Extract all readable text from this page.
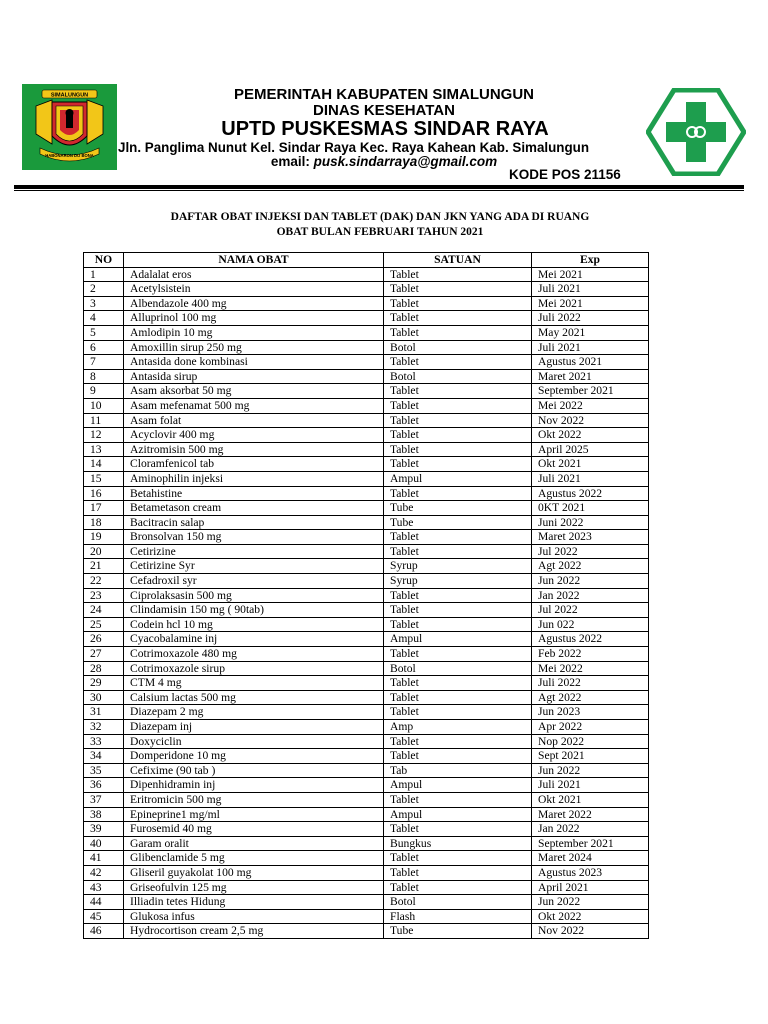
SIMALUNGUN
HABONARON DO BONA
PEMERINTAH KABUPATEN SIMALUNGUN
DINAS KESEHATAN
UPTD PUSKESMAS SINDAR RAYA
Jln. Panglima Nunut Kel. Sindar Raya Kec. Raya Kahean Kab. Simalungun
email: pusk.sindarraya@gmail.com
KODE POS 21156
DAFTAR OBAT INJEKSI DAN TABLET (DAK) DAN JKN YANG ADA DI RUANG
OBAT BULAN FEBRUARI TAHUN 2021
NO	NAMA OBAT	SATUAN	Exp
1	Adalalat eros	Tablet	Mei 2021
2	Acetylsistein	Tablet	Juli 2021
3	Albendazole 400 mg	Tablet	Mei 2021
4	Alluprinol 100 mg	Tablet	Juli 2022
5	Amlodipin 10 mg	Tablet	May 2021
6	Amoxillin sirup 250 mg	Botol	Juli 2021
7	Antasida done kombinasi	Tablet	Agustus 2021
8	Antasida sirup	Botol	Maret 2021
9	Asam aksorbat 50 mg	Tablet	September 2021
10	Asam mefenamat 500 mg	Tablet	Mei 2022
11	Asam folat	Tablet	Nov 2022
12	Acyclovir 400 mg	Tablet	Okt 2022
13	Azitromisin 500 mg	Tablet	April 2025
14	Cloramfenicol tab	Tablet	Okt 2021
15	Aminophilin injeksi	Ampul	Juli 2021
16	Betahistine	Tablet	Agustus 2022
17	Betametason cream	Tube	0KT 2021
18	Bacitracin salap	Tube	Juni 2022
19	Bronsolvan 150 mg	Tablet	Maret 2023
20	Cetirizine	Tablet	Jul 2022
21	Cetirizine Syr	Syrup	Agt 2022
22	Cefadroxil syr	Syrup	Jun 2022
23	Ciprolaksasin 500 mg	Tablet	Jan 2022
24	Clindamisin 150 mg ( 90tab)	Tablet	Jul 2022
25	Codein hcl 10 mg	Tablet	Jun 022
26	Cyacobalamine inj	Ampul	Agustus 2022
27	Cotrimoxazole 480 mg	Tablet	Feb 2022
28	Cotrimoxazole sirup	Botol	Mei 2022
29	CTM 4 mg	Tablet	Juli 2022
30	Calsium lactas 500 mg	Tablet	Agt 2022
31	Diazepam 2 mg	Tablet	Jun 2023
32	Diazepam inj	Amp	Apr 2022
33	Doxyciclin	Tablet	Nop 2022
34	Domperidone 10 mg	Tablet	Sept 2021
35	Cefixime (90 tab )	Tab	Jun 2022
36	Dipenhidramin inj	Ampul	Juli 2021
37	Eritromicin 500 mg	Tablet	Okt 2021
38	Epineprine1 mg/ml	Ampul	Maret 2022
39	Furosemid 40 mg	Tablet	Jan 2022
40	Garam oralit	Bungkus	September 2021
41	Glibenclamide 5 mg	Tablet	Maret 2024
42	Gliseril guyakolat 100 mg	Tablet	Agustus 2023
43	Griseofulvin 125 mg	Tablet	April 2021
44	Illiadin tetes Hidung	Botol	Jun 2022
45	Glukosa infus	Flash	Okt 2022
46	Hydrocortison cream 2,5 mg	Tube	Nov 2022
